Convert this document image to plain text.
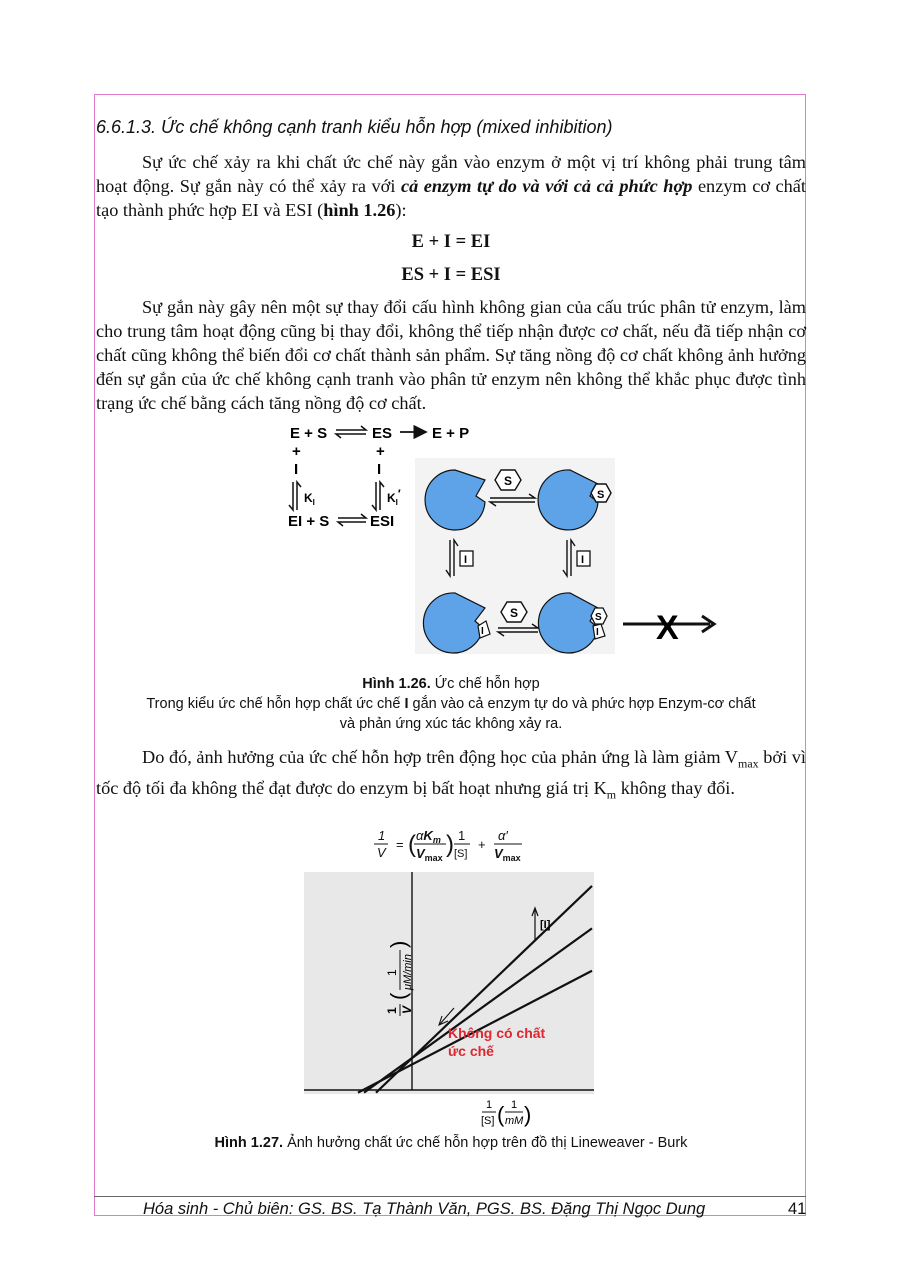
6.6.1.3. Ức chế không cạnh tranh kiểu hỗn hợp (mixed inhibition)

Sự ức chế xảy ra khi chất ức chế này gắn vào enzym ở một vị trí không phải trung tâm hoạt động. Sự gắn này có thể xảy ra với cả enzym tự do và với cả cả phức hợp enzym cơ chất tạo thành phức hợp EI và ESI (hình 1.26):

E + I = EI
ES + I = ESI

Sự gắn này gây nên một sự thay đổi cấu hình không gian của cấu trúc phân tử enzym, làm cho trung tâm hoạt động cũng bị thay đổi, không thể tiếp nhận được cơ chất, nếu đã tiếp nhận cơ chất cũng không thể biến đổi cơ chất thành sản phẩm. Sự tăng nồng độ cơ chất không ảnh hưởng đến sự gắn của ức chế không cạnh tranh vào phân tử enzym nên không thể khắc phục được tình trạng ức chế bằng cách tăng nồng độ cơ chất.

E + S	ES	E + P
+	+
I	I
$K_I$	$K_I'$
EI + S	ESI
S
S
I	I
I
S	S
I X
Hình 1.26. Ức chế hỗn hợp
Trong kiểu ức chế hỗn hợp chất ức chế I gắn vào cả enzym tự do và phức hợp Enzym-cơ chất
và phản ứng xúc tác không xảy ra.

Do đó, ảnh hưởng của ức chế hỗn hợp trên động học của phản ứng là làm giảm $V_{max}$ bởi vì tốc độ tối đa không thể đạt được do enzym bị bất hoạt nhưng giá trị $K_m$ không thay đổi.

1
V
= ( $\alpha K_m$
$V_{max}$ ) 1
[S]
+
α′
$V_{max}$
[I]
1 V
(
1 μM/min
)
Không có chất
ức chế
1
[S] ( 1
mM )
Hình 1.27. Ảnh hưởng chất ức chế hỗn hợp trên đồ thị Lineweaver - Burk
Hóa sinh - Chủ biên: GS. BS. Tạ Thành Văn, PGS. BS. Đặng Thị Ngọc Dung	41
